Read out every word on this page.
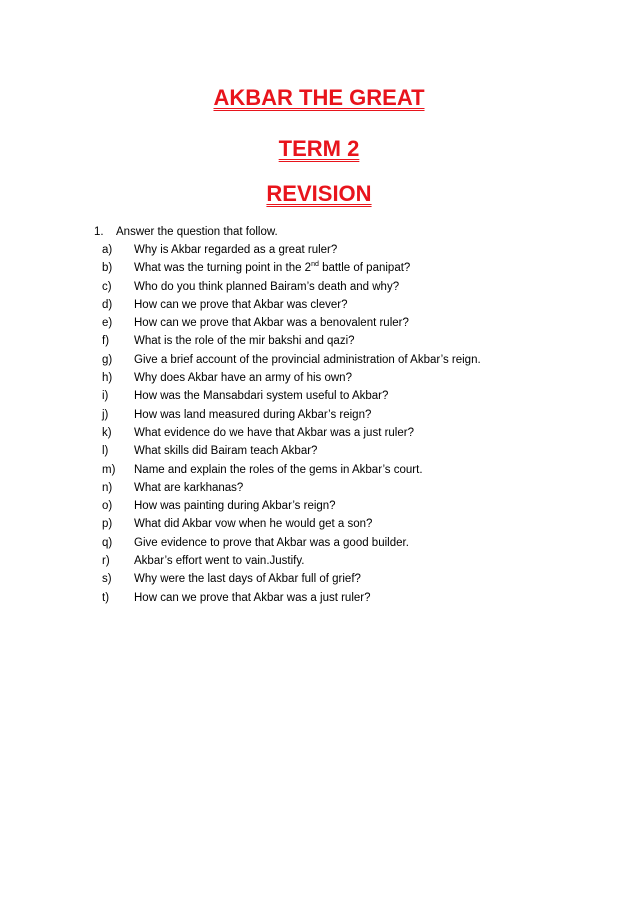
AKBAR THE GREAT
TERM 2
REVISION
1.	Answer the question that follow.
a)	Why is Akbar regarded as a great ruler?
b)	What was the turning point in the 2nd battle of panipat?
c)	Who do you think planned Bairam’s death and why?
d)	How can we prove that Akbar was clever?
e)	How can we prove that Akbar was a benovalent ruler?
f)	What is the role of the mir bakshi and qazi?
g)	Give a brief account of the provincial administration of Akbar’s reign.
h)	Why does Akbar have an army of his own?
i)	How was the Mansabdari system useful to Akbar?
j)	How was land measured during Akbar’s reign?
k)	What evidence do we have that Akbar was a just ruler?
l)	What skills did Bairam teach Akbar?
m)	Name and explain the roles of the gems in Akbar’s court.
n)	What are karkhanas?
o)	How was painting during Akbar’s reign?
p)	What did Akbar vow when he would get a son?
q)	Give evidence to prove that Akbar was a good builder.
r)	Akbar’s effort went to vain.Justify.
s)	Why were the last days of Akbar full of grief?
t)	How can we prove that Akbar was a just ruler?
